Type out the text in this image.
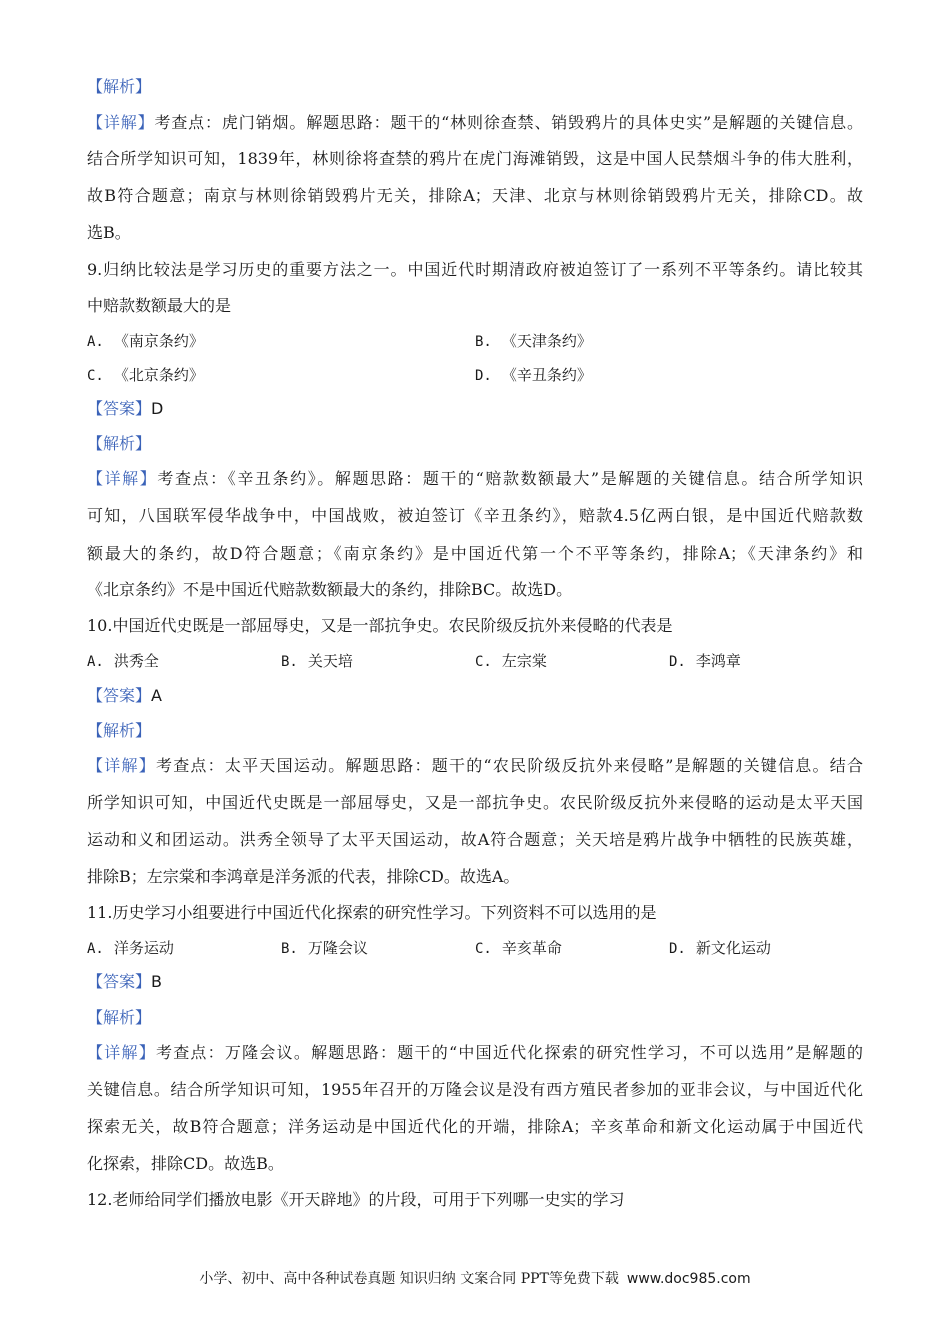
【解析】
【详解】考查点：虎门销烟。解题思路：题干的“林则徐查禁、销毁鸦片的具体史实”是解题的关键信息。
结合所学知识可知，1839年，林则徐将查禁的鸦片在虎门海滩销毁，这是中国人民禁烟斗争的伟大胜利，
故B符合题意；南京与林则徐销毁鸦片无关，排除A；天津、北京与林则徐销毁鸦片无关，排除CD。故
选B。
9.归纳比较法是学习历史的重要方法之一。中国近代时期清政府被迫签订了一系列不平等条约。请比较其
中赔款数额最大的是
A. 《南京条约》	B. 《天津条约》
C. 《北京条约》	D. 《辛丑条约》
【答案】D
【解析】
【详解】考查点：《辛丑条约》。解题思路：题干的“赔款数额最大”是解题的关键信息。结合所学知识
可知，八国联军侵华战争中，中国战败，被迫签订《辛丑条约》，赔款4.5亿两白银，是中国近代赔款数
额最大的条约，故D符合题意；《南京条约》是中国近代第一个不平等条约，排除A；《天津条约》和
《北京条约》不是中国近代赔款数额最大的条约，排除BC。故选D。
10.中国近代史既是一部屈辱史，又是一部抗争史。农民阶级反抗外来侵略的代表是
A. 洪秀全	B. 关天培	C. 左宗棠	D. 李鸿章
【答案】A
【解析】
【详解】考查点：太平天国运动。解题思路：题干的“农民阶级反抗外来侵略”是解题的关键信息。结合
所学知识可知，中国近代史既是一部屈辱史，又是一部抗争史。农民阶级反抗外来侵略的运动是太平天国
运动和义和团运动。洪秀全领导了太平天国运动，故A符合题意；关天培是鸦片战争中牺牲的民族英雄，
排除B；左宗棠和李鸿章是洋务派的代表，排除CD。故选A。
11.历史学习小组要进行中国近代化探索的研究性学习。下列资料不可以选用的是
A. 洋务运动	B. 万隆会议	C. 辛亥革命	D. 新文化运动
【答案】B
【解析】
【详解】考查点：万隆会议。解题思路：题干的“中国近代化探索的研究性学习，不可以选用”是解题的
关键信息。结合所学知识可知，1955年召开的万隆会议是没有西方殖民者参加的亚非会议，与中国近代化
探索无关，故B符合题意；洋务运动是中国近代化的开端，排除A；辛亥革命和新文化运动属于中国近代
化探索，排除CD。故选B。
12.老师给同学们播放电影《开天辟地》的片段，可用于下列哪一史实的学习
小学、初中、高中各种试卷真题 知识归纳 文案合同 PPT等免费下载 www.doc985.com
